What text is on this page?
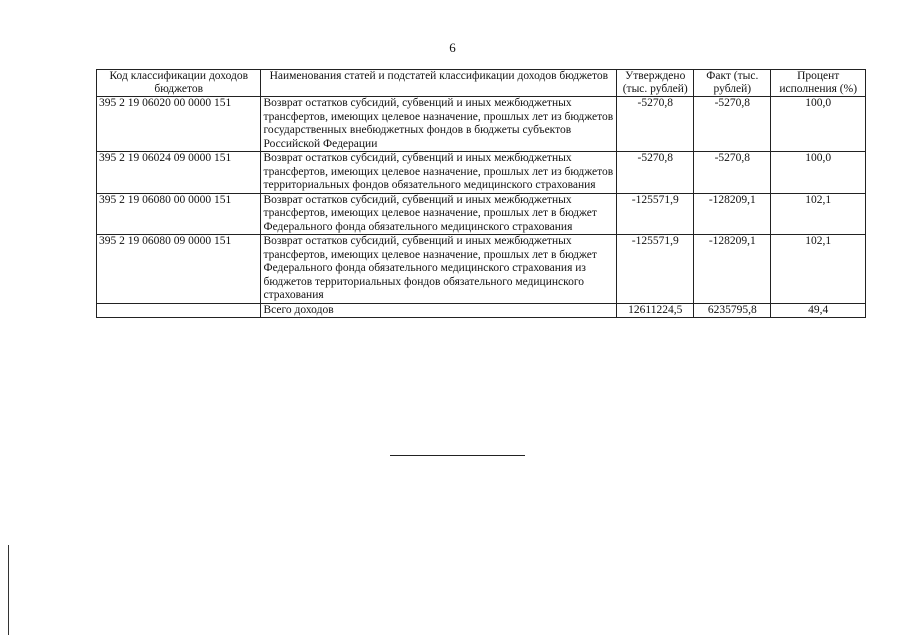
6
Код классификации доходов бюджетов	Наименования статей и подстатей классификации доходов бюджетов	Утверждено (тыс. рублей)	Факт (тыс. рублей)	Процент исполнения (%)
395 2 19 06020 00 0000 151	Возврат остатков субсидий, субвенций и иных межбюджетных трансфертов, имеющих целевое назначение, прошлых лет из бюджетов государственных внебюджетных фондов в бюджеты субъектов Российской Федерации	-5270,8	-5270,8	100,0
395 2 19 06024 09 0000 151	Возврат остатков субсидий, субвенций и иных межбюджетных трансфертов, имеющих целевое назначение, прошлых лет из бюджетов территориальных фондов обязательного медицинского страхования	-5270,8	-5270,8	100,0
395 2 19 06080 00 0000 151	Возврат остатков субсидий, субвенций и иных межбюджетных трансфертов, имеющих целевое назначение, прошлых лет в бюджет Федерального фонда обязательного медицинского страхования	-125571,9	-128209,1	102,1
395 2 19 06080 09 0000 151	Возврат остатков субсидий, субвенций и иных межбюджетных трансфертов, имеющих целевое назначение, прошлых лет в бюджет Федерального фонда обязательного медицинского страхования из бюджетов территориальных фондов обязательного медицинского страхования	-125571,9	-128209,1	102,1
	Всего доходов	12611224,5	6235795,8	49,4
